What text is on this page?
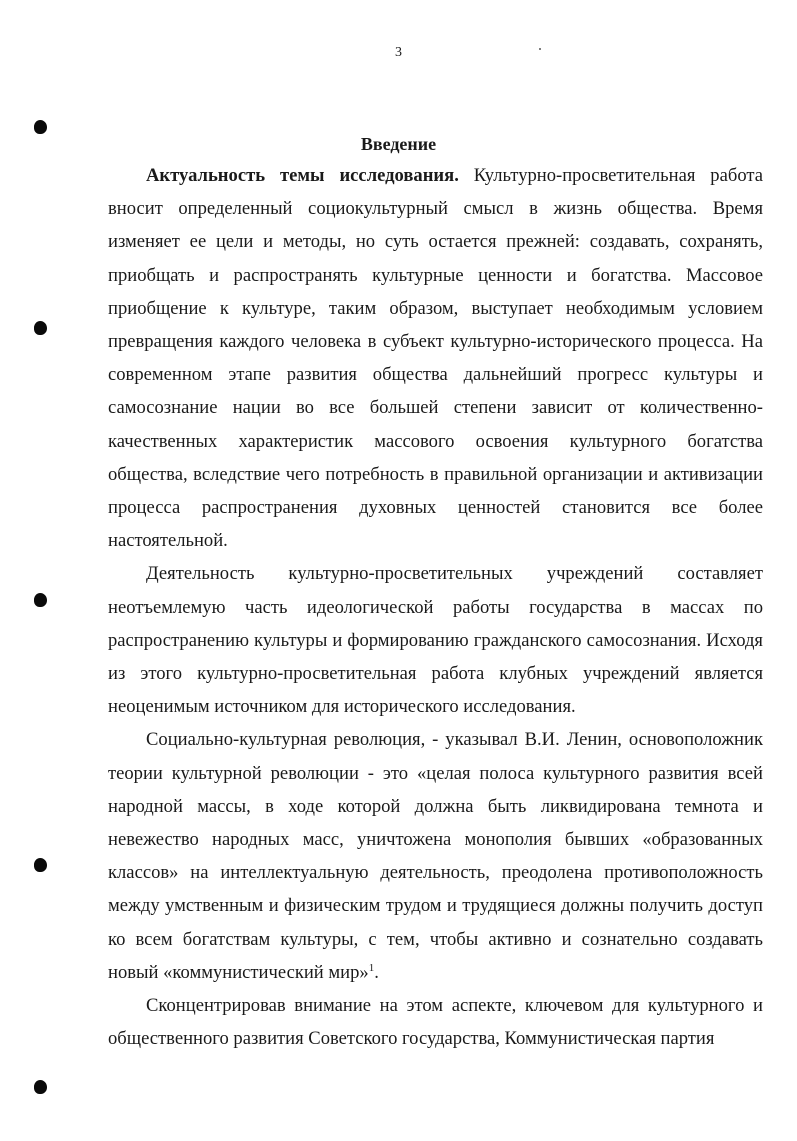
3
Введение

Актуальность темы исследования. Культурно-просветительная работа вносит определенный социокультурный смысл в жизнь общества. Время изменяет ее цели и методы, но суть остается прежней: создавать, сохранять, приобщать и распространять культурные ценности и богатства. Массовое приобщение к культуре, таким образом, выступает необходимым условием превращения каждого человека в субъект культурно-исторического процесса. На современном этапе развития общества дальнейший прогресс культуры и самосознание нации во все большей степени зависит от количественно-качественных характеристик массового освоения культурного богатства общества, вследствие чего потребность в правильной организации и активизации процесса распространения духовных ценностей становится все более настоятельной.

Деятельность культурно-просветительных учреждений составляет неотъемлемую часть идеологической работы государства в массах по распространению культуры и формированию гражданского самосознания. Исходя из этого культурно-просветительная работа клубных учреждений является неоценимым источником для исторического исследования.

Социально-культурная революция, - указывал В.И. Ленин, основоположник теории культурной революции - это «целая полоса культурного развития всей народной массы, в ходе которой должна быть ликвидирована темнота и невежество народных масс, уничтожена монополия бывших «образованных классов» на интеллектуальную деятельность, преодолена противоположность между умственным и физическим трудом и трудящиеся должны получить доступ ко всем богатствам культуры, с тем, чтобы активно и сознательно создавать новый «коммунистический мир»$^1$.

Сконцентрировав внимание на этом аспекте, ключевом для культурного и общественного развития Советского государства, Коммунистическая партия
